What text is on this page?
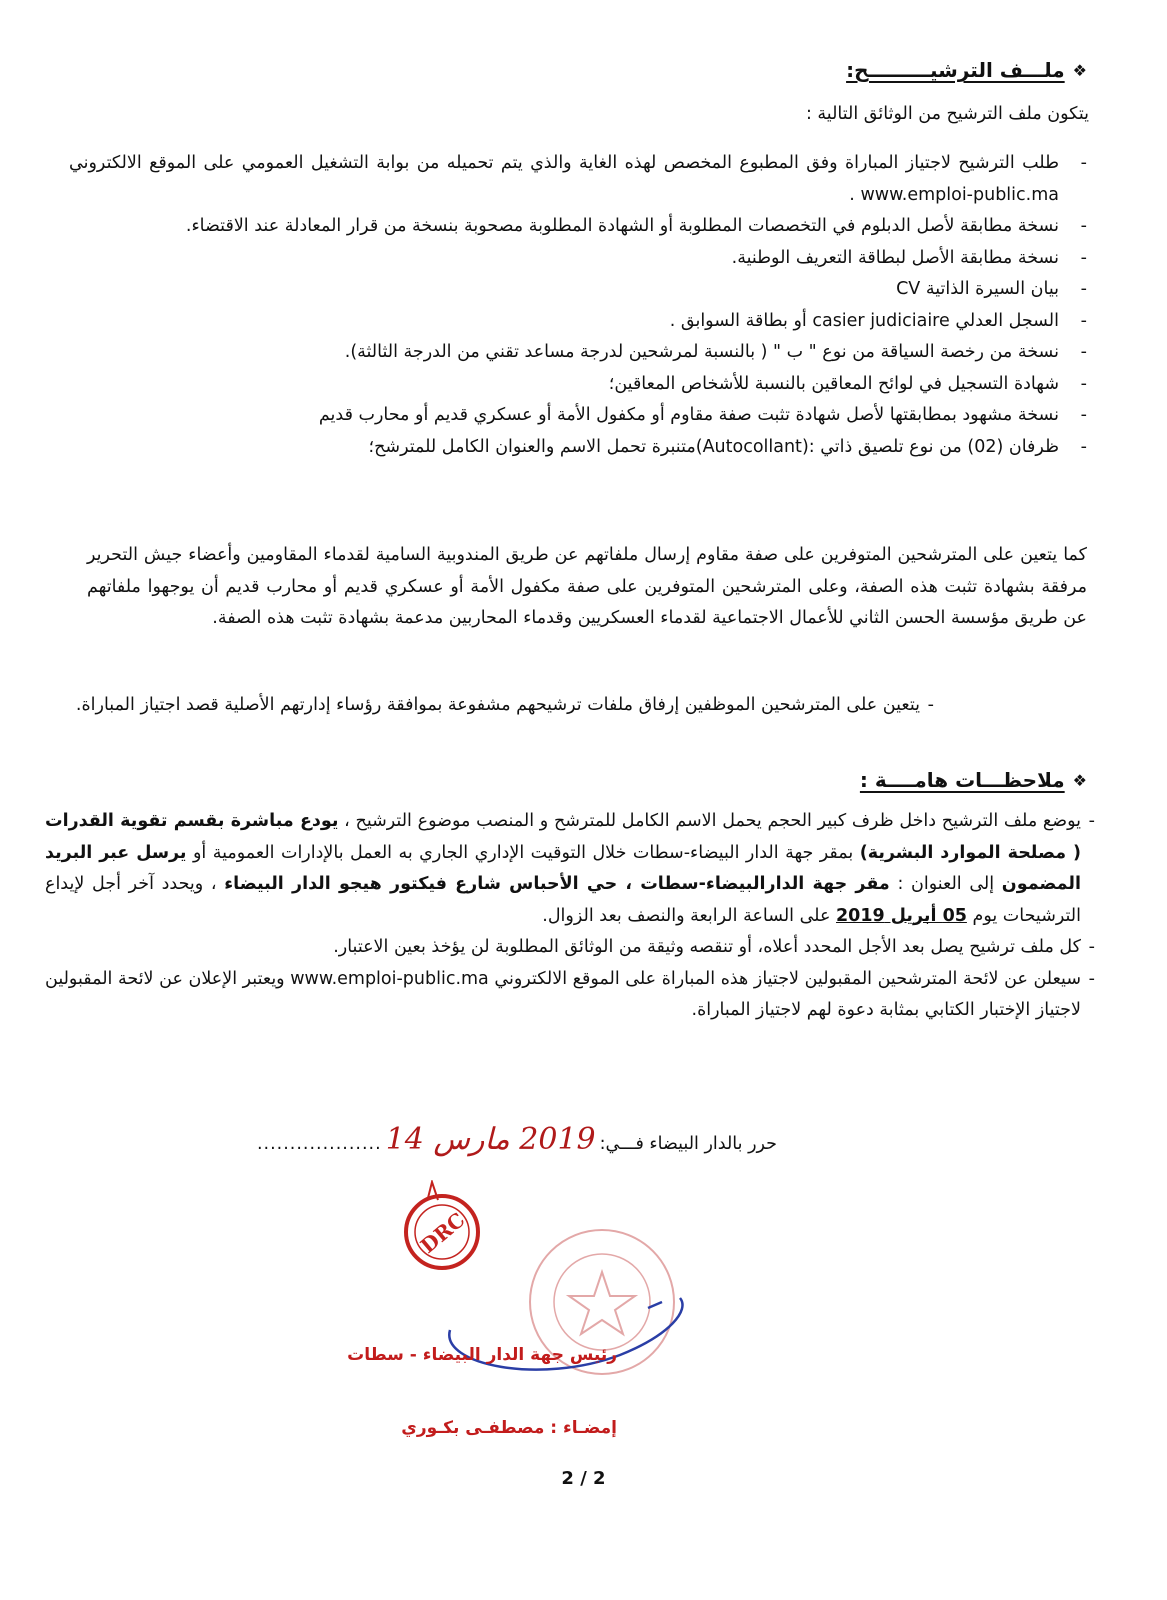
❖
ملـــف الترشيـــــــــح:
يتكون ملف الترشيح من الوثائق التالية :
- طلب الترشيح لاجتياز المباراة وفق المطبوع المخصص لهذه الغاية والذي يتم تحميله من بوابة التشغيل العمومي على الموقع الالكتروني www.emploi-public.ma .
- نسخة مطابقة لأصل الدبلوم في التخصصات المطلوبة أو الشهادة المطلوبة مصحوبة بنسخة من قرار المعادلة عند الاقتضاء.
- نسخة مطابقة الأصل لبطاقة التعريف الوطنية.
- بيان السيرة الذاتية CV
- السجل العدلي casier judiciaire أو بطاقة السوابق .
- نسخة من رخصة السياقة من نوع " ب " ( بالنسبة لمرشحين لدرجة مساعد تقني من الدرجة الثالثة).
- شهادة التسجيل في لوائح المعاقين بالنسبة للأشخاص المعاقين؛
- نسخة مشهود بمطابقتها لأصل شهادة تثبت صفة مقاوم أو مكفول الأمة أو عسكري قديم أو محارب قديم
- ظرفان (02) من نوع تلصيق ذاتي :(Autocollant)متنبرة تحمل الاسم والعنوان الكامل للمترشح؛
كما يتعين على المترشحين المتوفرين على صفة مقاوم إرسال ملفاتهم عن طريق المندوبية السامية لقدماء المقاومين وأعضاء جيش التحرير مرفقة بشهادة تثبت هذه الصفة، وعلى المترشحين المتوفرين على صفة مكفول الأمة أو عسكري قديم أو محارب قديم أن يوجهوا ملفاتهم عن طريق مؤسسة الحسن الثاني للأعمال الاجتماعية لقدماء العسكريين وقدماء المحاربين مدعمة بشهادة تثبت هذه الصفة.
- يتعين على المترشحين الموظفين إرفاق ملفات ترشيحهم مشفوعة بموافقة رؤساء إدارتهم الأصلية قصد اجتياز المباراة.
❖
ملاحظـــات هامــــة :
- يوضع ملف الترشيح داخل ظرف كبير الحجم يحمل الاسم الكامل للمترشح و المنصب موضوع الترشيح ، يودع مباشرة بقسم تقوية القدرات ( مصلحة الموارد البشرية) بمقر جهة الدار البيضاء-سطات خلال التوقيت الإداري الجاري به العمل بالإدارات العمومية أو يرسل عبر البريد المضمون إلى العنوان : مقر جهة الدارالبيضاء-سطات ، حي الأحباس شارع فيكتور هيجو الدار البيضاء ، ويحدد آخر أجل لإيداع الترشيحات يوم 05 أبريل 2019 على الساعة الرابعة والنصف بعد الزوال.
- كل ملف ترشيح يصل بعد الأجل المحدد أعلاه، أو تنقصه وثيقة من الوثائق المطلوبة لن يؤخذ بعين الاعتبار.
- سيعلن عن لائحة المترشحين المقبولين لاجتياز هذه المباراة على الموقع الالكتروني www.emploi-public.ma ويعتبر الإعلان عن لائحة المقبولين لاجتياز الإختبار الكتابي بمثابة دعوة لهم لاجتياز المباراة.
حرر بالدار البيضاء فـــي:
2019 مارس 14
...................
DRC
رئيس جهة الدار البيضاء - سطات
إمضـاء : مصطفـى بكـوري
2 / 2
